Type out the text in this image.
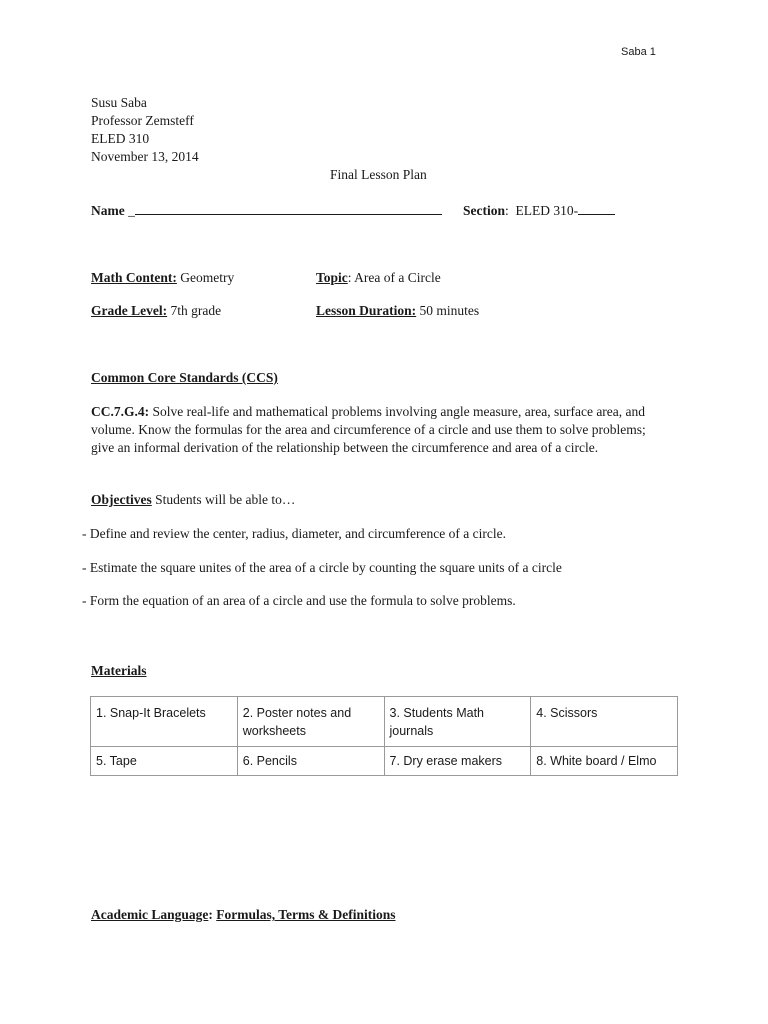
Saba 1
Susu Saba
Professor Zemsteff
ELED 310
November 13, 2014
Final Lesson Plan
Name _	Section: ELED 310-
Math Content: Geometry	Topic: Area of a Circle
Grade Level: 7th grade	Lesson Duration: 50 minutes
Common Core Standards (CCS)
CC.7.G.4: Solve real-life and mathematical problems involving angle measure, area, surface area, and volume. Know the formulas for the area and circumference of a circle and use them to solve problems; give an informal derivation of the relationship between the circumference and area of a circle.
Objectives Students will be able to…
- Define and review the center, radius, diameter, and circumference of a circle.
- Estimate the square unites of the area of a circle by counting the square units of a circle
- Form the equation of an area of a circle and use the formula to solve problems.
Materials
1. Snap-It Bracelets	2. Poster notes and worksheets	3. Students Math journals	4. Scissors
5. Tape	6. Pencils	7. Dry erase makers	8. White board / Elmo
Academic Language: Formulas, Terms & Definitions
